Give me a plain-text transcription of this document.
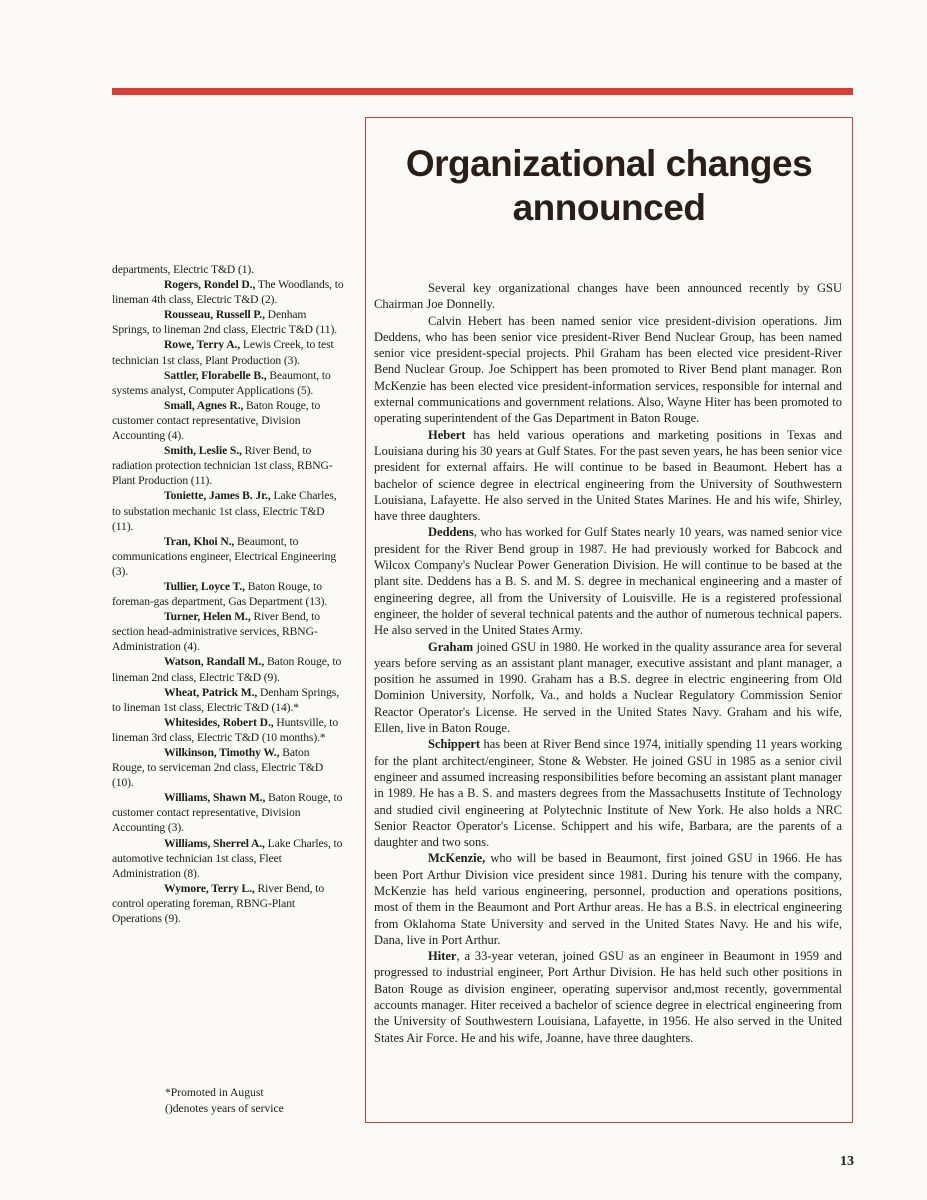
departments, Electric T&D (1).

Rogers, Rondel D., The Woodlands, to lineman 4th class, Electric T&D (2).

Rousseau, Russell P., Denham Springs, to lineman 2nd class, Electric T&D (11).

Rowe, Terry A., Lewis Creek, to test technician 1st class, Plant Production (3).

Sattler, Florabelle B., Beaumont, to systems analyst, Computer Applications (5).

Small, Agnes R., Baton Rouge, to customer contact representative, Division Accounting (4).

Smith, Leslie S., River Bend, to radiation protection technician 1st class, RBNG-Plant Production (11).

Toniette, James B. Jr., Lake Charles, to substation mechanic 1st class, Electric T&D (11).

Tran, Khoi N., Beaumont, to communications engineer, Electrical Engineering (3).

Tullier, Loyce T., Baton Rouge, to foreman-gas department, Gas Department (13).

Turner, Helen M., River Bend, to section head-administrative services, RBNG-Administration (4).

Watson, Randall M., Baton Rouge, to lineman 2nd class, Electric T&D (9).

Wheat, Patrick M., Denham Springs, to lineman 1st class, Electric T&D (14).*

Whitesides, Robert D., Huntsville, to lineman 3rd class, Electric T&D (10 months).*

Wilkinson, Timothy W., Baton Rouge, to serviceman 2nd class, Electric T&D (10).

Williams, Shawn M., Baton Rouge, to customer contact representative, Division Accounting (3).

Williams, Sherrel A., Lake Charles, to automotive technician 1st class, Fleet Administration (8).

Wymore, Terry L., River Bend, to control operating foreman, RBNG-Plant Operations (9).

*Promoted in August

()denotes years of service

Organizational changes announced

Several key organizational changes have been announced recently by GSU Chairman Joe Donnelly.

Calvin Hebert has been named senior vice president-division operations. Jim Deddens, who has been senior vice president-River Bend Nuclear Group, has been named senior vice president-special projects. Phil Graham has been elected vice president-River Bend Nuclear Group. Joe Schippert has been promoted to River Bend plant manager. Ron McKenzie has been elected vice president-information services, responsible for internal and external communications and government relations. Also, Wayne Hiter has been promoted to operating superintendent of the Gas Department in Baton Rouge.

Hebert has held various operations and marketing positions in Texas and Louisiana during his 30 years at Gulf States. For the past seven years, he has been senior vice president for external affairs. He will continue to be based in Beaumont. Hebert has a bachelor of science degree in electrical engineering from the University of Southwestern Louisiana, Lafayette. He also served in the United States Marines. He and his wife, Shirley, have three daughters.

Deddens, who has worked for Gulf States nearly 10 years, was named senior vice president for the River Bend group in 1987. He had previously worked for Babcock and Wilcox Company's Nuclear Power Generation Division. He will continue to be based at the plant site. Deddens has a B. S. and M. S. degree in mechanical engineering and a master of engineering degree, all from the University of Louisville. He is a registered professional engineer, the holder of several technical patents and the author of numerous technical papers. He also served in the United States Army.

Graham joined GSU in 1980. He worked in the quality assurance area for several years before serving as an assistant plant manager, executive assistant and plant manager, a position he assumed in 1990. Graham has a B.S. degree in electric engineering from Old Dominion University, Norfolk, Va., and holds a Nuclear Regulatory Commission Senior Reactor Operator's License. He served in the United States Navy. Graham and his wife, Ellen, live in Baton Rouge.

Schippert has been at River Bend since 1974, initially spending 11 years working for the plant architect/engineer, Stone & Webster. He joined GSU in 1985 as a senior civil engineer and assumed increasing responsibilities before becoming an assistant plant manager in 1989. He has a B. S. and masters degrees from the Massachusetts Institute of Technology and studied civil engineering at Polytechnic Institute of New York. He also holds a NRC Senior Reactor Operator's License. Schippert and his wife, Barbara, are the parents of a daughter and two sons.

McKenzie, who will be based in Beaumont, first joined GSU in 1966. He has been Port Arthur Division vice president since 1981. During his tenure with the company, McKenzie has held various engineering, personnel, production and operations positions, most of them in the Beaumont and Port Arthur areas. He has a B.S. in electrical engineering from Oklahoma State University and served in the United States Navy. He and his wife, Dana, live in Port Arthur.

Hiter, a 33-year veteran, joined GSU as an engineer in Beaumont in 1959 and progressed to industrial engineer, Port Arthur Division. He has held such other positions in Baton Rouge as division engineer, operating supervisor and,most recently, governmental accounts manager. Hiter received a bachelor of science degree in electrical engineering from the University of Southwestern Louisiana, Lafayette, in 1956. He also served in the United States Air Force. He and his wife, Joanne, have three daughters.

13
